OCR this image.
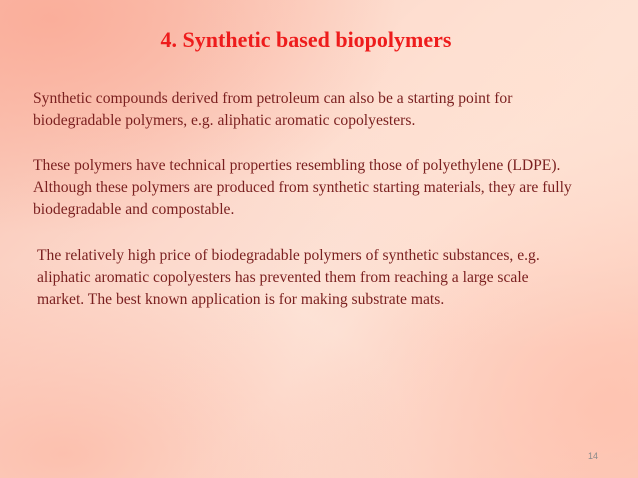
4. Synthetic based biopolymers

Synthetic compounds derived from petroleum can also be a starting point for biodegradable polymers, e.g. aliphatic aromatic copolyesters.

These polymers have technical properties resembling those of polyethylene (LDPE). Although these polymers are produced from synthetic starting materials, they are fully biodegradable and compostable.

The relatively high price of biodegradable polymers of synthetic substances, e.g. aliphatic aromatic copolyesters has prevented them from reaching a large scale market. The best known application is for making substrate mats.

14
